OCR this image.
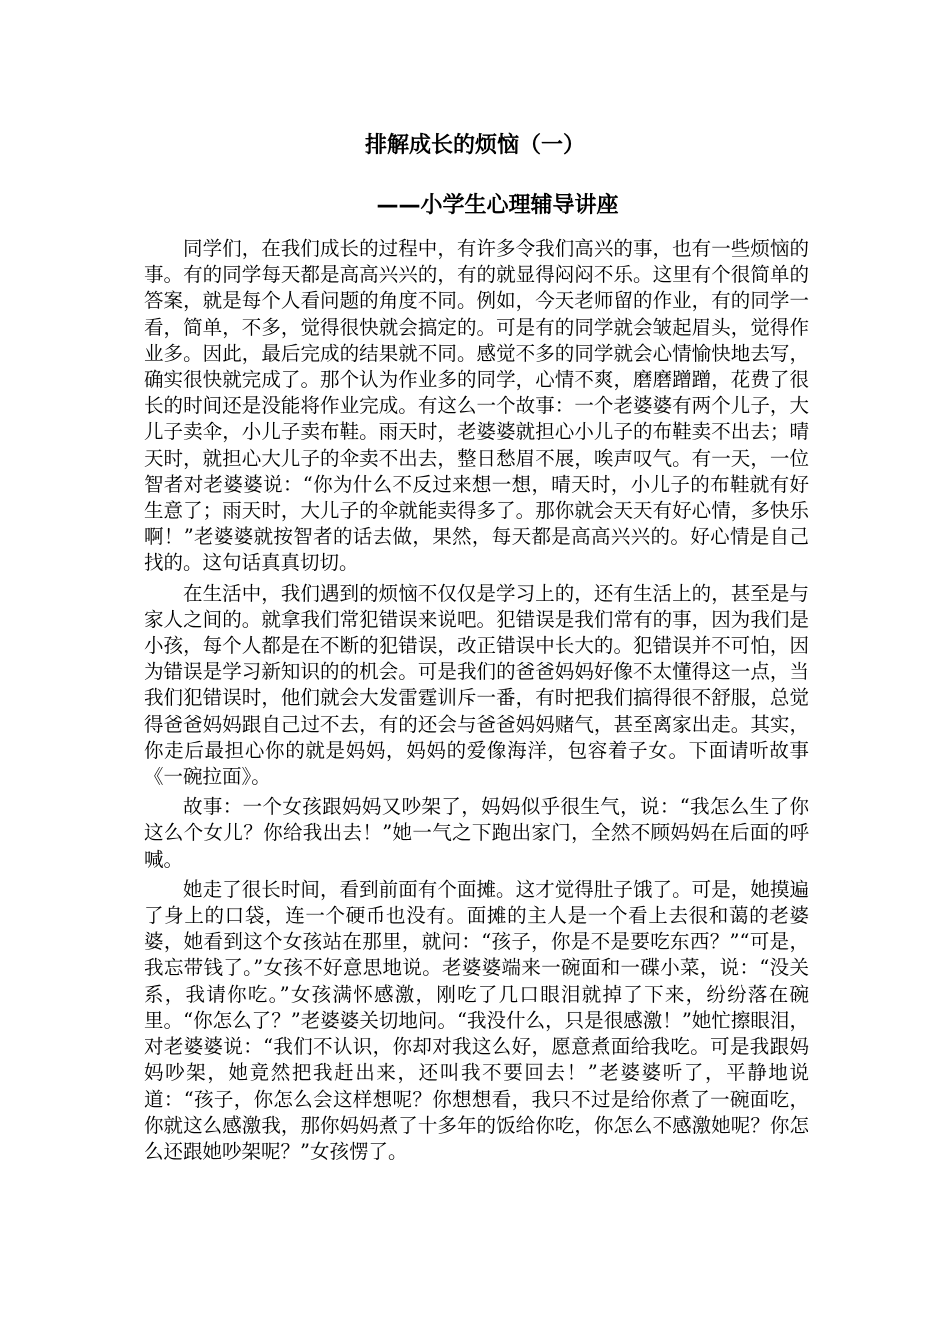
排解成长的烦恼（一）
——小学生心理辅导讲座

同学们，在我们成长的过程中，有许多令我们高兴的事，也有一些烦恼的事。有的同学每天都是高高兴兴的，有的就显得闷闷不乐。这里有个很简单的答案，就是每个人看问题的角度不同。例如，今天老师留的作业，有的同学一看，简单，不多，觉得很快就会搞定的。可是有的同学就会皱起眉头，觉得作业多。因此，最后完成的结果就不同。感觉不多的同学就会心情愉快地去写，确实很快就完成了。那个认为作业多的同学，心情不爽，磨磨蹭蹭，花费了很长的时间还是没能将作业完成。有这么一个故事：一个老婆婆有两个儿子，大儿子卖伞，小儿子卖布鞋。雨天时，老婆婆就担心小儿子的布鞋卖不出去；晴天时，就担心大儿子的伞卖不出去，整日愁眉不展，唉声叹气。有一天，一位智者对老婆婆说：“你为什么不反过来想一想，晴天时，小儿子的布鞋就有好生意了；雨天时，大儿子的伞就能卖得多了。那你就会天天有好心情，多快乐啊！”老婆婆就按智者的话去做，果然，每天都是高高兴兴的。好心情是自己找的。这句话真真切切。

在生活中，我们遇到的烦恼不仅仅是学习上的，还有生活上的，甚至是与家人之间的。就拿我们常犯错误来说吧。犯错误是我们常有的事，因为我们是小孩，每个人都是在不断的犯错误，改正错误中长大的。犯错误并不可怕，因为错误是学习新知识的的机会。可是我们的爸爸妈妈好像不太懂得这一点，当我们犯错误时，他们就会大发雷霆训斥一番，有时把我们搞得很不舒服，总觉得爸爸妈妈跟自己过不去，有的还会与爸爸妈妈赌气，甚至离家出走。其实，你走后最担心你的就是妈妈，妈妈的爱像海洋，包容着子女。下面请听故事《一碗拉面》。

故事：一个女孩跟妈妈又吵架了，妈妈似乎很生气，说：“我怎么生了你这么个女儿？你给我出去！”她一气之下跑出家门，全然不顾妈妈在后面的呼喊。

她走了很长时间，看到前面有个面摊。这才觉得肚子饿了。可是，她摸遍了身上的口袋，连一个硬币也没有。面摊的主人是一个看上去很和蔼的老婆婆，她看到这个女孩站在那里，就问：“孩子，你是不是要吃东西？”“可是，我忘带钱了。”女孩不好意思地说。老婆婆端来一碗面和一碟小菜，说：“没关系，我请你吃。”女孩满怀感激，刚吃了几口眼泪就掉了下来，纷纷落在碗里。“你怎么了？”老婆婆关切地问。“我没什么，只是很感激！”她忙擦眼泪，对老婆婆说：“我们不认识，你却对我这么好，愿意煮面给我吃。可是我跟妈妈吵架，她竟然把我赶出来，还叫我不要回去！”老婆婆听了，平静地说道：“孩子，你怎么会这样想呢？你想想看，我只不过是给你煮了一碗面吃，你就这么感激我，那你妈妈煮了十多年的饭给你吃，你怎么不感激她呢？你怎么还跟她吵架呢？”女孩愣了。
